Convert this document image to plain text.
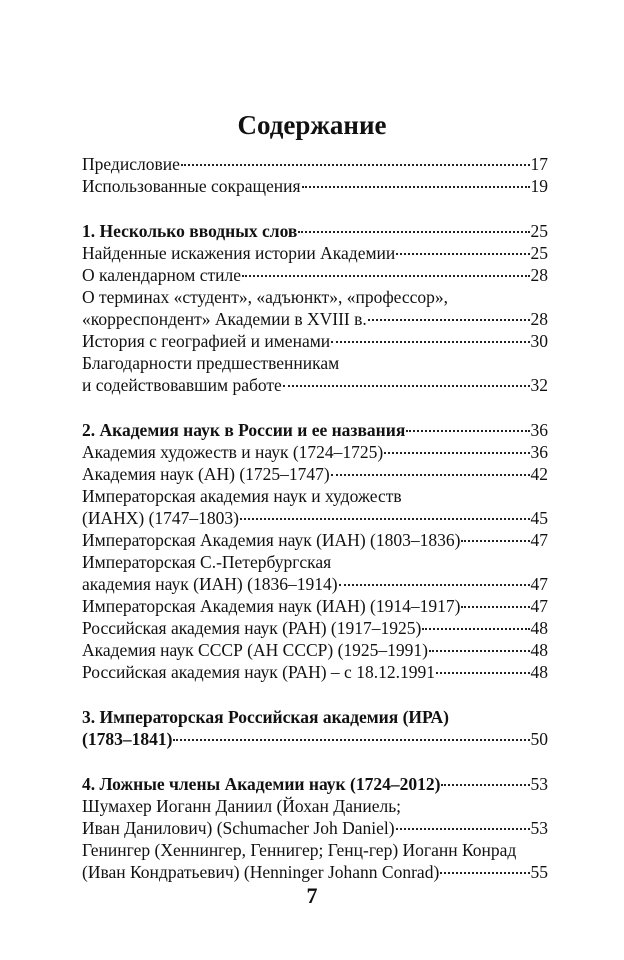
Содержание
Предисловие	17
Использованные сокращения	19
1. Несколько вводных слов	25
Найденные искажения истории Академии	25
О календарном стиле	28
О терминах «студент», «адъюнкт», «профессор»,
«корреспондент» Академии в XVIII в.	28
История с географией и именами	30
Благодарности предшественникам
и содействовавшим работе	32
2. Академия наук в России и ее названия	36
Академия художеств и наук (1724–1725)	36
Академия наук (АН) (1725–1747)	42
Императорская академия наук и художеств
(ИАНХ) (1747–1803)	45
Императорская Академия наук (ИАН) (1803–1836)	47
Императорская С.-Петербургская
академия наук (ИАН) (1836–1914)	47
Императорская Академия наук (ИАН) (1914–1917)	47
Российская академия наук (РАН) (1917–1925)	48
Академия наук СССР (АН СССР) (1925–1991)	48
Российская академия наук (РАН) – с 18.12.1991	48
3. Императорская Российская академия (ИРА)
(1783–1841)	50
4. Ложные члены Академии наук (1724–2012)	53
Шумахер Иоганн Даниил (Йохан Даниель;
Иван Данилович) (Schumacher Joh Daniel)	53
Генингер (Хеннингер, Геннигер; Генц-гер) Иоганн Конрад
(Иван Кондратьевич) (Henninger Johann Conrad)	55
7
